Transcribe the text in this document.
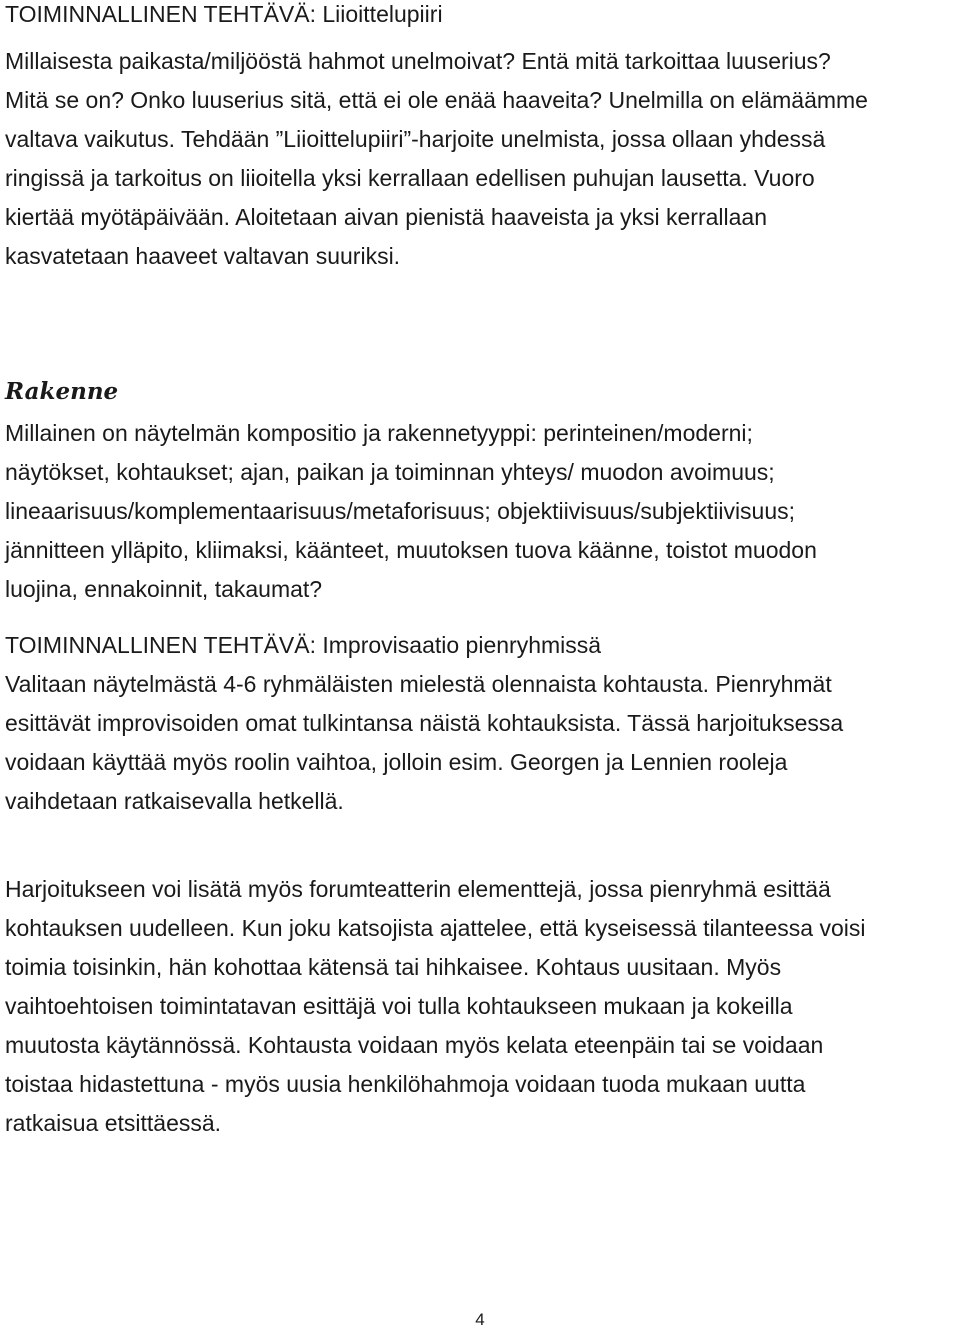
TOIMINNALLINEN TEHTÄVÄ: Liioittelupiiri
Millaisesta paikasta/miljööstä hahmot unelmoivat? Entä mitä tarkoittaa luuserius?
Mitä se on? Onko luuserius sitä, että ei ole enää haaveita? Unelmilla on elämäämme
valtava vaikutus. Tehdään ”Liioittelupiiri”-harjoite unelmista, jossa ollaan yhdessä
ringissä ja tarkoitus on liioitella yksi kerrallaan edellisen puhujan lausetta. Vuoro
kiertää myötäpäivään. Aloitetaan aivan pienistä haaveista ja yksi kerrallaan
kasvatetaan haaveet valtavan suuriksi.
Rakenne
Millainen on näytelmän kompositio ja rakennetyyppi: perinteinen/moderni;
näytökset, kohtaukset; ajan, paikan ja toiminnan yhteys/ muodon avoimuus;
lineaarisuus/komplementaarisuus/metaforisuus; objektiivisuus/subjektiivisuus;
jännitteen ylläpito, kliimaksi, käänteet, muutoksen tuova käänne, toistot muodon
luojina, ennakoinnit, takaumat?
TOIMINNALLINEN TEHTÄVÄ: Improvisaatio pienryhmissä
Valitaan näytelmästä 4-6 ryhmäläisten mielestä olennaista kohtausta. Pienryhmät
esittävät improvisoiden omat tulkintansa näistä kohtauksista. Tässä harjoituksessa
voidaan käyttää myös roolin vaihtoa, jolloin esim. Georgen ja Lennien rooleja
vaihdetaan ratkaisevalla hetkellä.
Harjoitukseen voi lisätä myös forumteatterin elementtejä, jossa pienryhmä esittää
kohtauksen uudelleen. Kun joku katsojista ajattelee, että kyseisessä tilanteessa voisi
toimia toisinkin, hän kohottaa kätensä tai hihkaisee. Kohtaus uusitaan. Myös
vaihtoehtoisen toimintatavan esittäjä voi tulla kohtaukseen mukaan ja kokeilla
muutosta käytännössä. Kohtausta voidaan myös kelata eteenpäin tai se voidaan
toistaa hidastettuna - myös uusia henkilöhahmoja voidaan tuoda mukaan uutta
ratkaisua etsittäessä.
4
